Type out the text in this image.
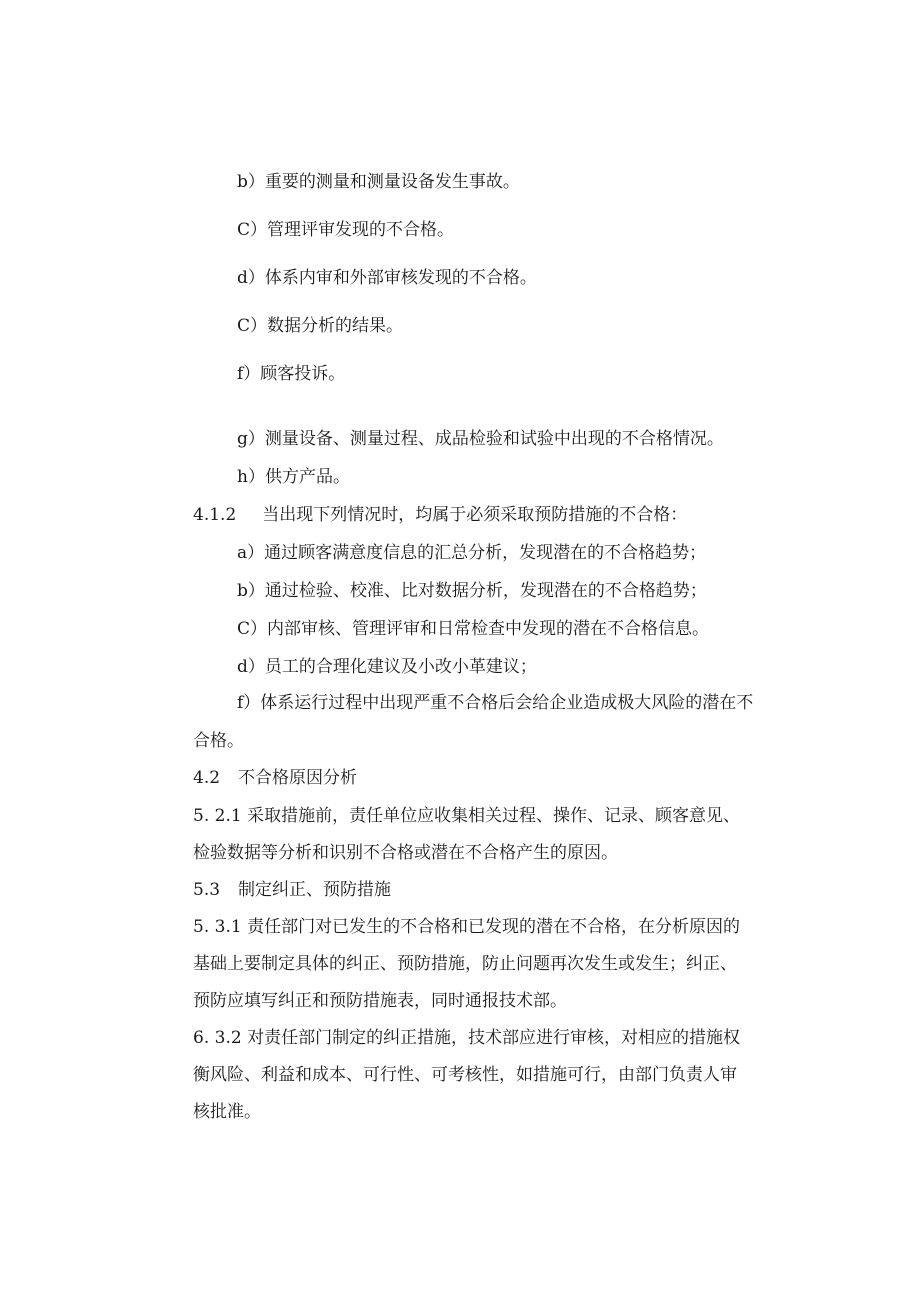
b）重要的测量和测量设备发生事故。
C）管理评审发现的不合格。
d）体系内审和外部审核发现的不合格。
C）数据分析的结果。
f）顾客投诉。
g）测量设备、测量过程、成品检验和试验中出现的不合格情况。
h）供方产品。
4.1.2 当出现下列情况时，均属于必须采取预防措施的不合格：
a）通过顾客满意度信息的汇总分析，发现潜在的不合格趋势；
b）通过检验、校准、比对数据分析，发现潜在的不合格趋势；
C）内部审核、管理评审和日常检查中发现的潜在不合格信息。
d）员工的合理化建议及小改小革建议；
f）体系运行过程中出现严重不合格后会给企业造成极大风险的潜在不
合格。
4.2 不合格原因分析
5. 2.1 采取措施前，责任单位应收集相关过程、操作、记录、顾客意见、
检验数据等分析和识别不合格或潜在不合格产生的原因。
5.3 制定纠正、预防措施
5. 3.1 责任部门对已发生的不合格和已发现的潜在不合格，在分析原因的
基础上要制定具体的纠正、预防措施，防止问题再次发生或发生；纠正、
预防应填写纠正和预防措施表，同时通报技术部。
6. 3.2 对责任部门制定的纠正措施，技术部应进行审核，对相应的措施权
衡风险、利益和成本、可行性、可考核性，如措施可行，由部门负责人审
核批准。
